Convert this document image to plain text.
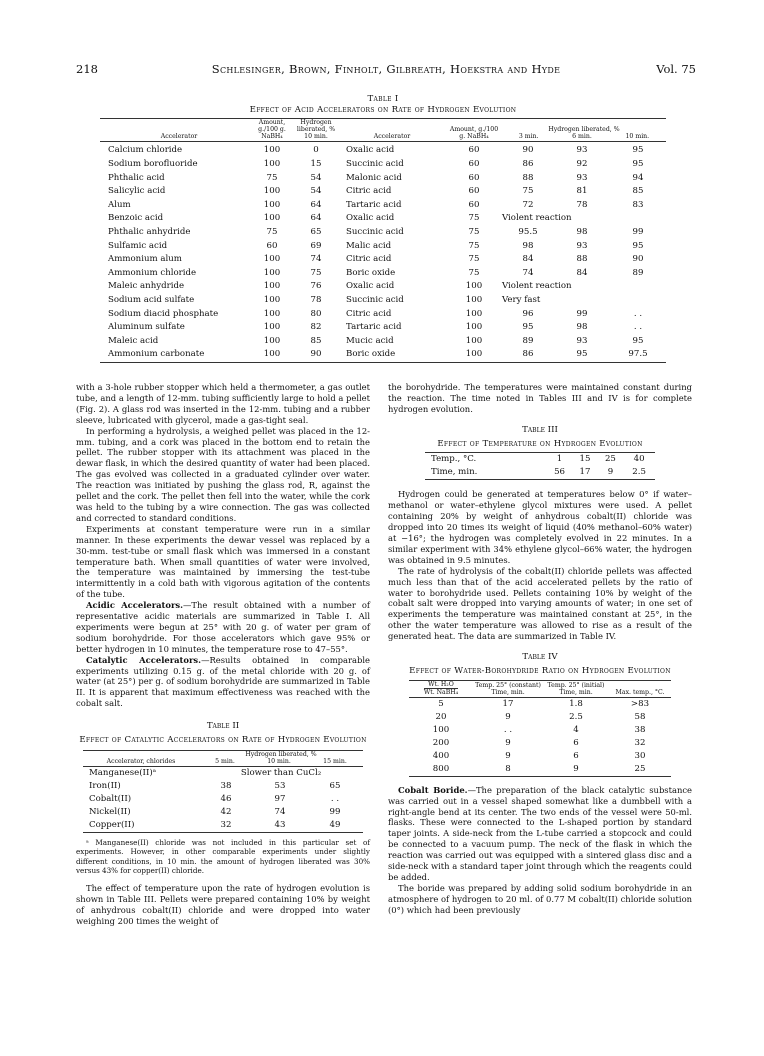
218	Schlesinger, Brown, Finholt, Gilbreath, Hoekstra and Hyde	Vol. 75
Table I
Effect of Acid Accelerators on Rate of Hydrogen Evolution
Accelerator	Amount, g./100 g. NaBH₄	Hydrogen liberated, % 10 min.	Accelerator	Amount, g./100 g. NaBH₄	Hydrogen liberated, %
3 min. 6 min. 10 min.		

Calcium chloride	100	0	Oxalic acid	60	90	93	95
Sodium borofluoride	100	15	Succinic acid	60	86	92	95
Phthalic acid	75	54	Malonic acid	60	88	93	94
Salicylic acid	100	54	Citric acid	60	75	81	85
Alum	100	64	Tartaric acid	60	72	78	83
Benzoic acid	100	64	Oxalic acid	75	Violent reaction		
Phthalic anhydride	75	65	Succinic acid	75	95.5	98	99
Sulfamic acid	60	69	Malic acid	75	98	93	95
Ammonium alum	100	74	Citric acid	75	84	88	90
Ammonium chloride	100	75	Boric oxide	75	74	84	89
Maleic anhydride	100	76	Oxalic acid	100	Violent reaction		
Sodium acid sulfate	100	78	Succinic acid	100	Very fast		
Sodium diacid phosphate	100	80	Citric acid	100	96	99	. .
Aluminum sulfate	100	82	Tartaric acid	100	95	98	. .
Maleic acid	100	85	Mucic acid	100	89	93	95
Ammonium carbonate	100	90	Boric oxide	100	86	95	97.5

with a 3-hole rubber stopper which held a thermometer, a gas outlet tube, and a length of 12-mm. tubing sufficiently large to hold a pellet (Fig. 2). A glass rod was inserted in the 12-mm. tubing and a rubber sleeve, lubricated with glycerol, made a gas-tight seal.

In performing a hydrolysis, a weighed pellet was placed in the 12-mm. tubing, and a cork was placed in the bottom end to retain the pellet. The rubber stopper with its attachment was placed in the dewar flask, in which the desired quantity of water had been placed. The gas evolved was collected in a graduated cylinder over water. The reaction was initiated by pushing the glass rod, R, against the pellet and the cork. The pellet then fell into the water, while the cork was held to the tubing by a wire connection. The gas was collected and corrected to standard conditions.

Experiments at constant temperature were run in a similar manner. In these experiments the dewar vessel was replaced by a 30-mm. test-tube or small flask which was immersed in a constant temperature bath. When small quantities of water were involved, the temperature was maintained by immersing the test-tube intermittently in a cold bath with vigorous agitation of the contents of the tube.

Acidic Accelerators.—The result obtained with a number of representative acidic materials are summarized in Table I. All experiments were begun at 25° with 20 g. of water per gram of sodium borohydride. For those accelerators which gave 95% or better hydrogen in 10 minutes, the temperature rose to 47–55°.

Catalytic Accelerators.—Results obtained in comparable experiments utilizing 0.15 g. of the metal chloride with 20 g. of water (at 25°) per g. of sodium borohydride are summarized in Table II. It is apparent that maximum effectiveness was reached with the cobalt salt.

Table II
Effect of Catalytic Accelerators on Rate of Hydrogen Evolution
Accelerator, chlorides	Hydrogen liberated, %
5 min. 10 min. 15 min.		

Manganese(II)ᵃ	Slower than CuCl₂		
Iron(II)	38	53	65
Cobalt(II)	46	97	. .
Nickel(II)	42	74	99
Copper(II)	32	43	49

ᵃ Manganese(II) chloride was not included in this particular set of experiments. However, in other comparable experiments under slightly different conditions, in 10 min. the amount of hydrogen liberated was 30% versus 43% for copper(II) chloride.

The effect of temperature upon the rate of hydrogen evolution is shown in Table III. Pellets were prepared containing 10% by weight of anhydrous cobalt(II) chloride and were dropped into water weighing 200 times the weight of

the borohydride. The temperatures were maintained constant during the reaction. The time noted in Tables III and IV is for complete hydrogen evolution.

Table III
Effect of Temperature on Hydrogen Evolution
Temp., °C.	1	15	25	40
Time, min.	56	17	9	2.5

Hydrogen could be generated at temperatures below 0° if water–methanol or water–ethylene glycol mixtures were used. A pellet containing 20% by weight of anhydrous cobalt(II) chloride was dropped into 20 times its weight of liquid (40% methanol–60% water) at −16°; the hydrogen was completely evolved in 22 minutes. In a similar experiment with 34% ethylene glycol–66% water, the hydrogen was obtained in 9.5 minutes.

The rate of hydrolysis of the cobalt(II) chloride pellets was affected much less than that of the acid accelerated pellets by the ratio of water to borohydride used. Pellets containing 10% by weight of the cobalt salt were dropped into varying amounts of water; in one set of experiments the temperature was maintained constant at 25°, in the other the water temperature was allowed to rise as a result of the generated heat. The data are summarized in Table IV.

Table IV
Effect of Water-Borohydride Ratio on Hydrogen Evolution
$\frac{\text{Wt. H₂O}}{\text{Wt. NaBH₄}}$	Temp. 25° (constant) Time, min.	Temp. 25° (initial) Time, min.	Max. temp., °C.
5	17	1.8	>83
20	9	2.5	58
100	. .	4	38
200	9	6	32
400	9	6	30
800	8	9	25

Cobalt Boride.—The preparation of the black catalytic substance was carried out in a vessel shaped somewhat like a dumbbell with a right-angle bend at its center. The two ends of the vessel were 50-ml. flasks. These were connected to the L-shaped portion by standard taper joints. A side-neck from the L-tube carried a stopcock and could be connected to a vacuum pump. The neck of the flask in which the reaction was carried out was equipped with a sintered glass disc and a side-neck with a standard taper joint through which the reagents could be added.

The boride was prepared by adding solid sodium borohydride in an atmosphere of hydrogen to 20 ml. of 0.77 M cobalt(II) chloride solution (0°) which had been previously
